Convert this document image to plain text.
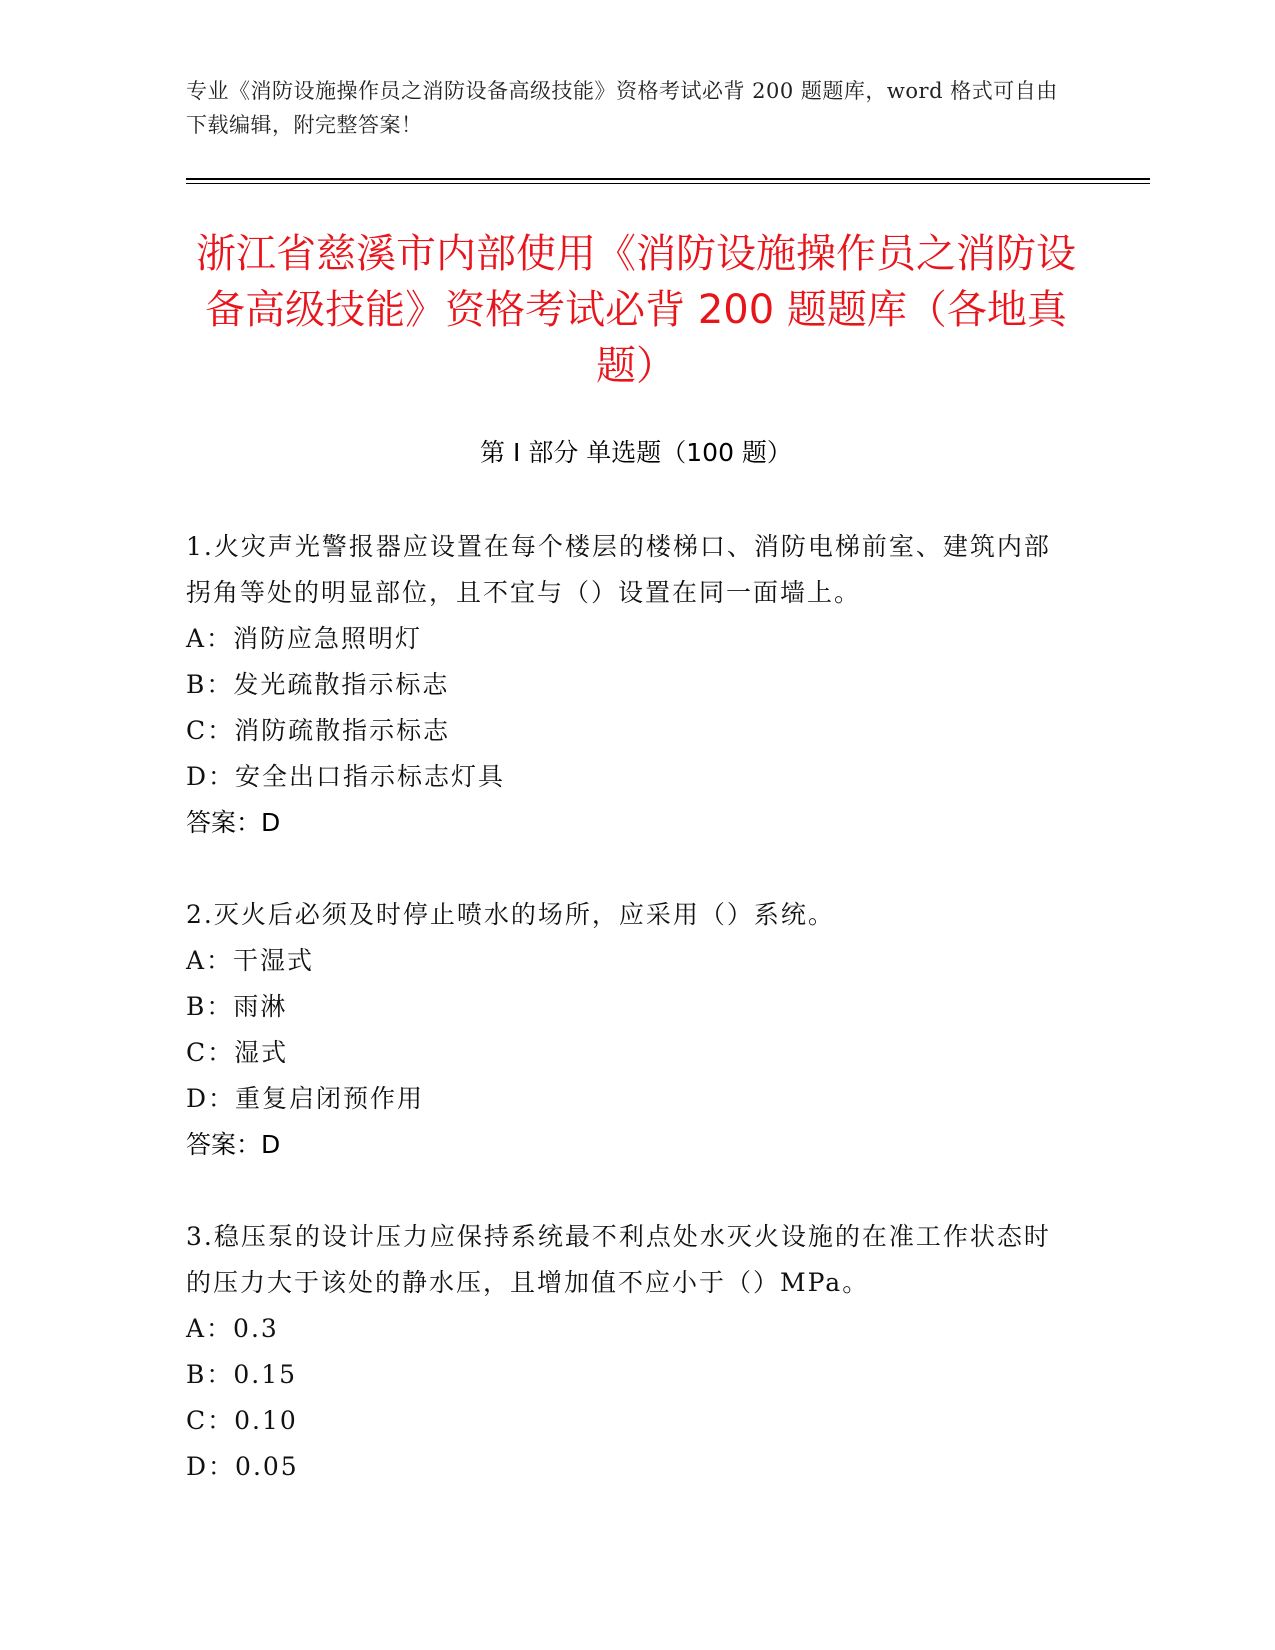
专业《消防设施操作员之消防设备高级技能》资格考试必背 200 题题库，word 格式可自由下载编辑，附完整答案！
浙江省慈溪市内部使用《消防设施操作员之消防设备高级技能》资格考试必背 200 题题库（各地真题）
第 I 部分 单选题（100 题）

1.火灾声光警报器应设置在每个楼层的楼梯口、消防电梯前室、建筑内部拐角等处的明显部位，且不宜与（）设置在同一面墙上。

A：消防应急照明灯

B：发光疏散指示标志

C：消防疏散指示标志

D：安全出口指示标志灯具

答案：D

2.灭火后必须及时停止喷水的场所，应采用（）系统。

A：干湿式

B：雨淋

C：湿式

D：重复启闭预作用

答案：D

3.稳压泵的设计压力应保持系统最不利点处水灭火设施的在准工作状态时的压力大于该处的静水压，且增加值不应小于（）MPa。

A：0.3

B：0.15

C：0.10

D：0.05
